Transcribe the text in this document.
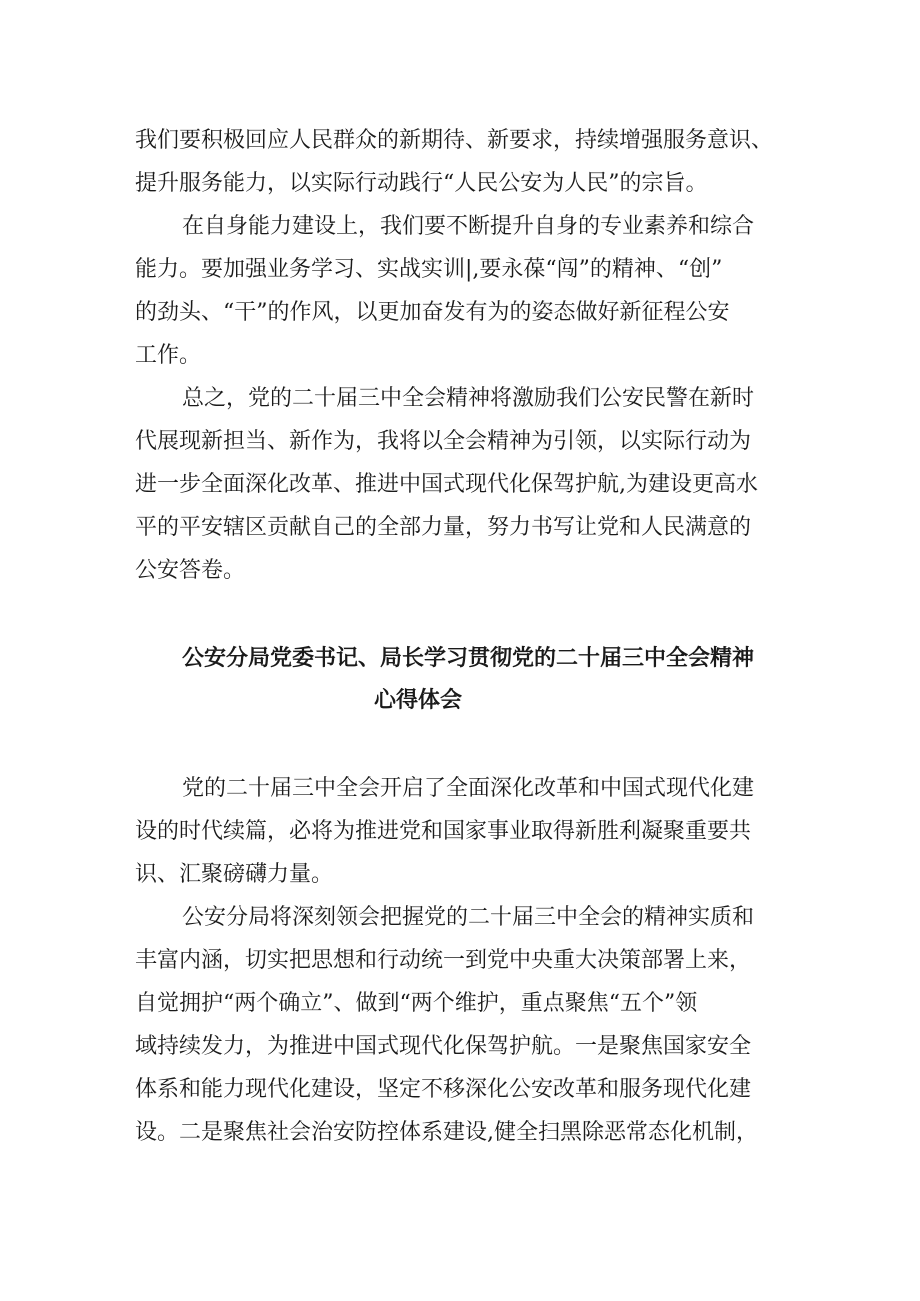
我们要积极回应人民群众的新期待、新要求，持续增强服务意识、

提升服务能力，以实际行动践行“人民公安为人民”的宗旨。

在自身能力建设上，我们要不断提升自身的专业素养和综合

能力。要加强业务学习、实战实训|,要永葆“闯”的精神、“创”

的劲头、“干”的作风，以更加奋发有为的姿态做好新征程公安

工作。

总之，党的二十届三中全会精神将激励我们公安民警在新时

代展现新担当、新作为，我将以全会精神为引领，以实际行动为

进一步全面深化改革、推进中国式现代化保驾护航,为建设更高水

平的平安辖区贡献自己的全部力量，努力书写让党和人民满意的

公安答卷。

公安分局党委书记、局长学习贯彻党的二十届三中全会精神

心得体会

党的二十届三中全会开启了全面深化改革和中国式现代化建

设的时代续篇，必将为推进党和国家事业取得新胜利凝聚重要共

识、汇聚磅礴力量。

公安分局将深刻领会把握党的二十届三中全会的精神实质和

丰富内涵，切实把思想和行动统一到党中央重大决策部署上来，

自觉拥护“两个确立”、做到“两个维护，重点聚焦“五个”领

域持续发力，为推进中国式现代化保驾护航。一是聚焦国家安全

体系和能力现代化建设，坚定不移深化公安改革和服务现代化建

设。二是聚焦社会治安防控体系建设,健全扫黑除恶常态化机制，
